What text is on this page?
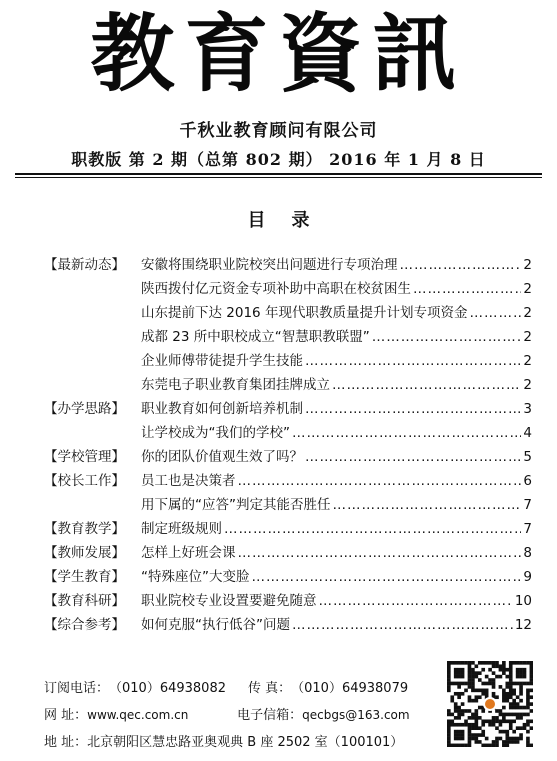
教育資訊
千秋业教育顾问有限公司
职教版 第 2 期（总第 802 期） 2016 年 1 月 8 日
目录
【最新动态】	安徽将围绕职业院校突出问题进行专项治理 …………………………………………………………………………………………………………	2
陕西拨付亿元资金专项补助中高职在校贫困生 …………………………………………………………………………………………………………	2
山东提前下达 2016 年现代职教质量提升计划专项资金 …………………………………………………………………………………………………………	2
成都 23 所中职校成立“智慧职教联盟” …………………………………………………………………………………………………………	2
企业师傅带徒提升学生技能 …………………………………………………………………………………………………………	2
东莞电子职业教育集团挂牌成立 …………………………………………………………………………………………………………	2
【办学思路】	职业教育如何创新培养机制 …………………………………………………………………………………………………………	3
让学校成为“我们的学校” …………………………………………………………………………………………………………	4
【学校管理】	你的团队价值观生效了吗？ …………………………………………………………………………………………………………	5
【校长工作】	员工也是决策者 …………………………………………………………………………………………………………	6
用下属的“应答”判定其能否胜任 …………………………………………………………………………………………………………	7
【教育教学】	制定班级规则 …………………………………………………………………………………………………………	7
【教师发展】	怎样上好班会课 …………………………………………………………………………………………………………	8
【学生教育】	“特殊座位”大变脸 …………………………………………………………………………………………………………	9
【教育科研】	职业院校专业设置要避免随意 …………………………………………………………………………………………………………	10
【综合参考】	如何克服“执行低谷”问题 …………………………………………………………………………………………………………	12
订阅电话：（010）64938082 传 真：（010）64938079
网 址：www.qec.com.cn	电子信箱：qecbgs@163.com
地 址：北京朝阳区慧忠路亚奥观典 B 座 2502 室（100101）
